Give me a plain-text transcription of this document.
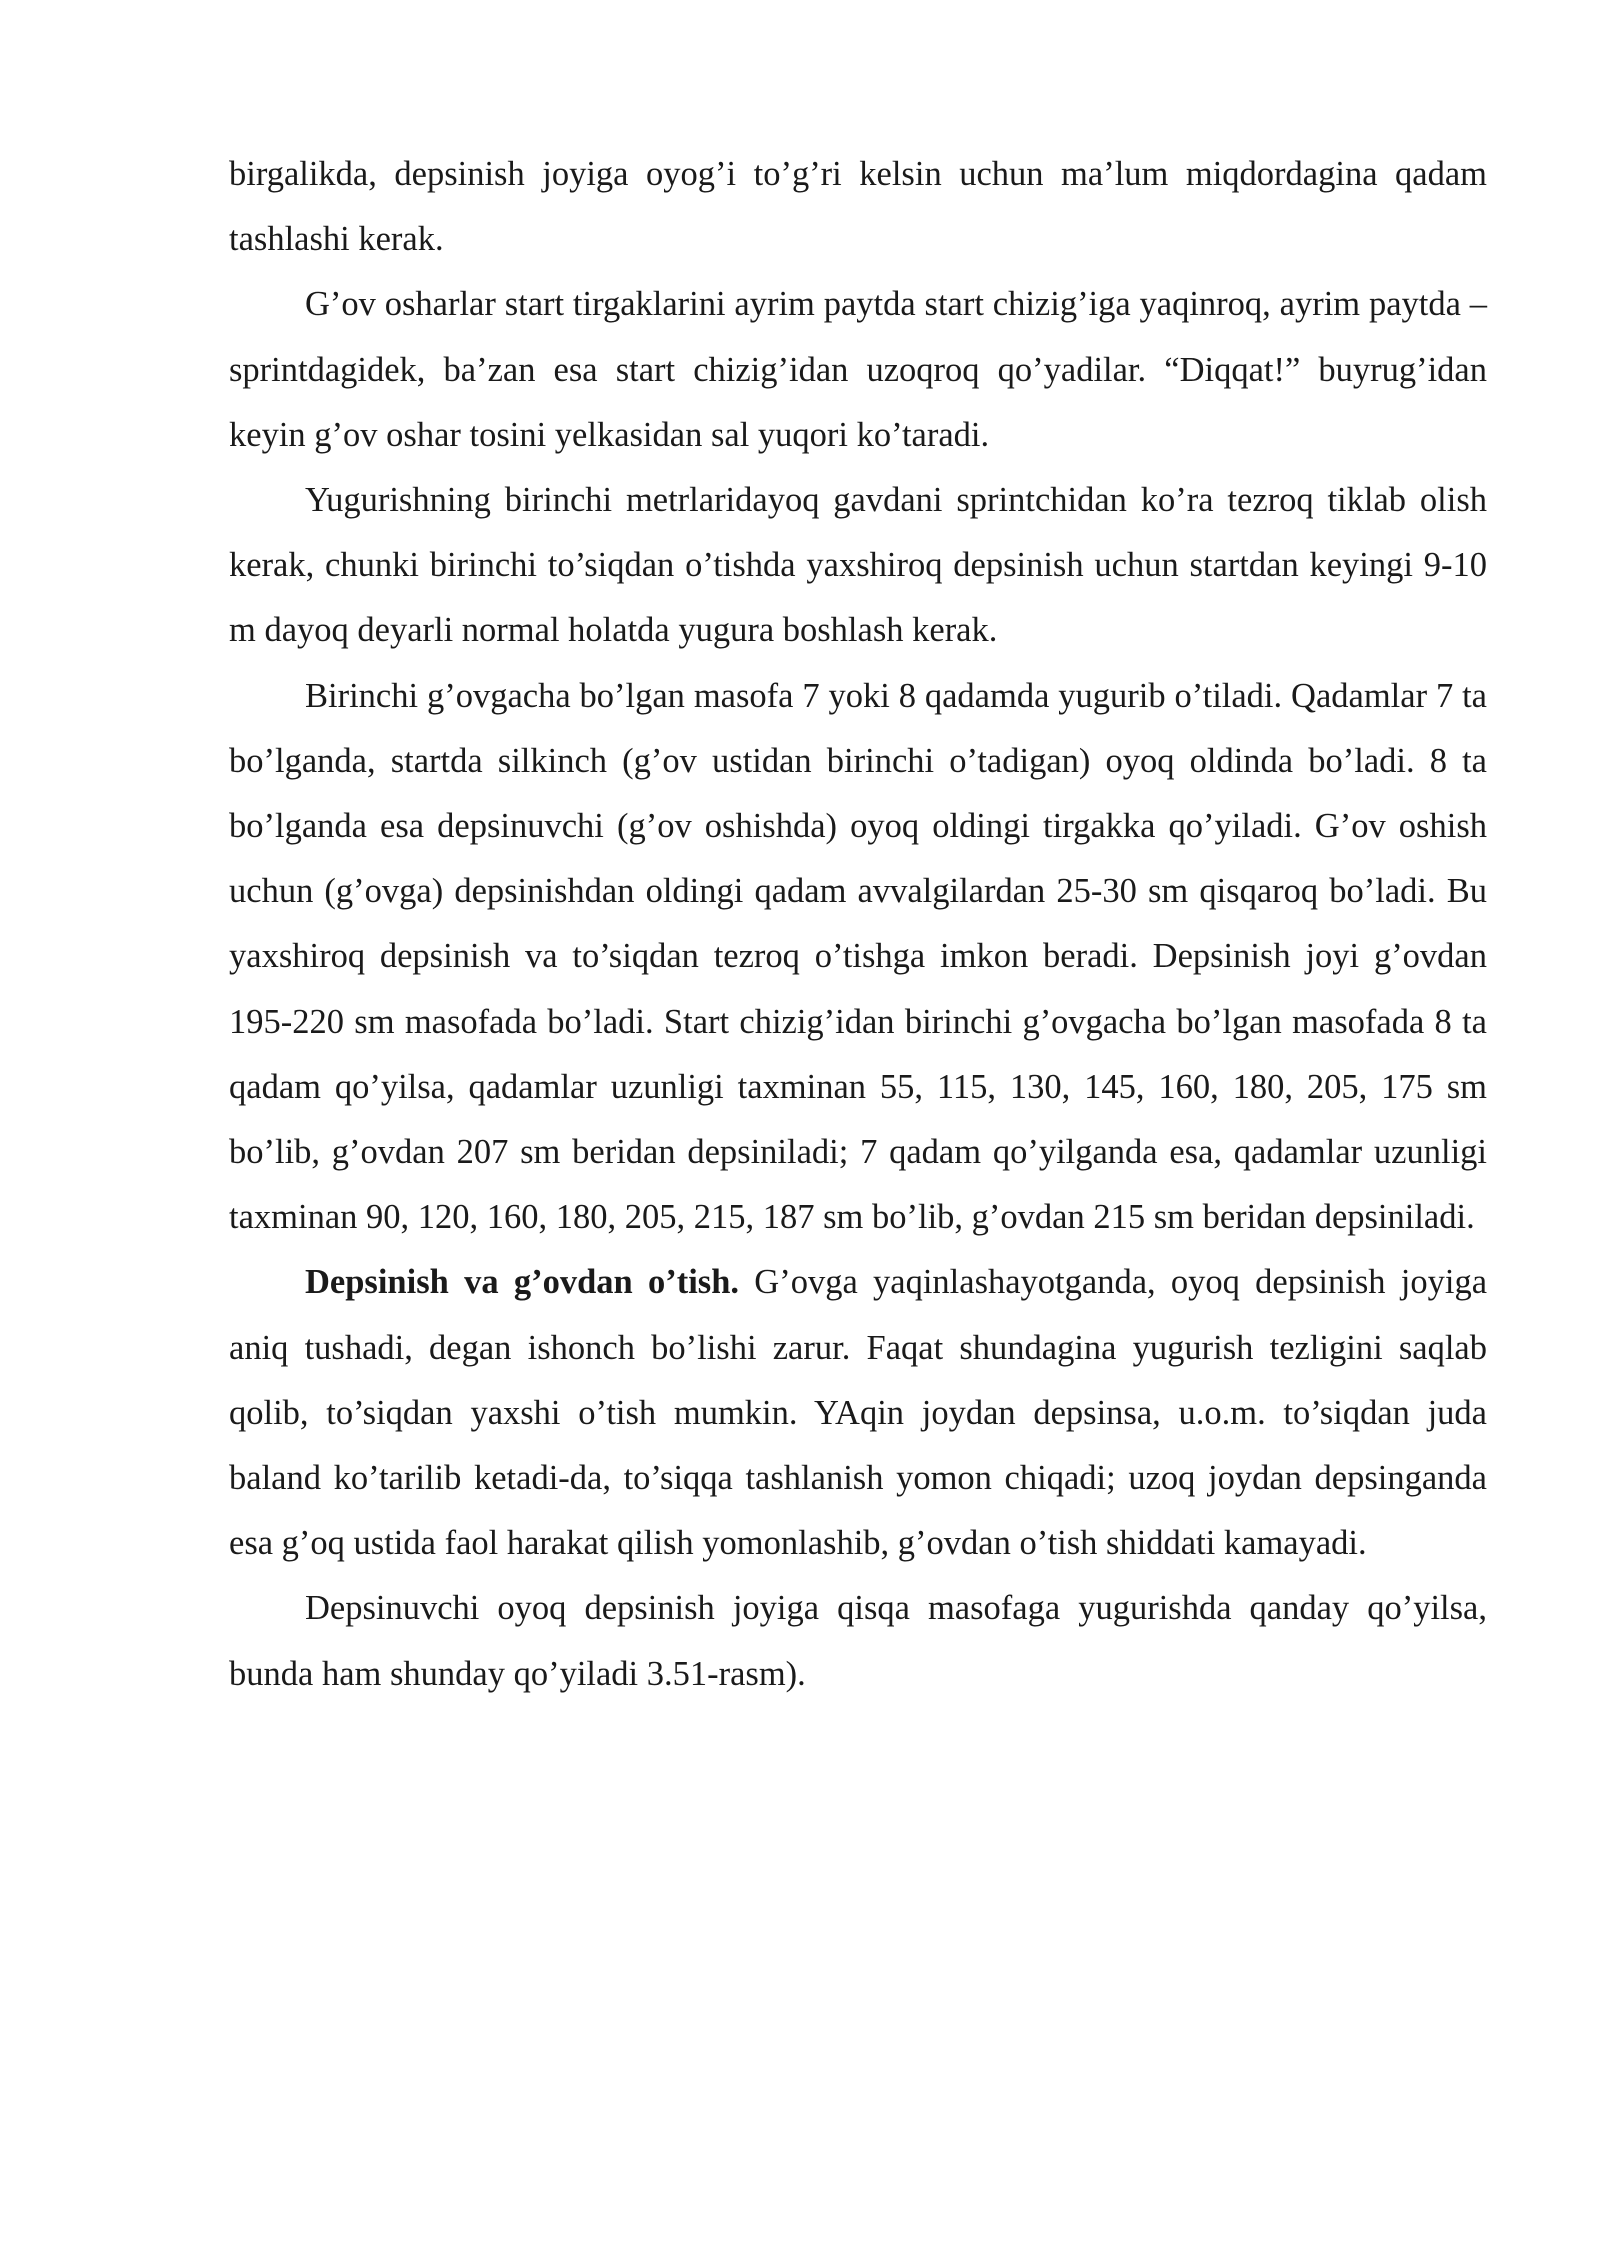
birgalikda, depsinish joyiga oyog’i to’g’ri kelsin uchun ma’lum miqdordagina qadam tashlashi kerak.

G’ov osharlar start tirgaklarini ayrim paytda start chizig’iga yaqinroq, ayrim paytda – sprintdagidek, ba’zan esa start chizig’idan uzoqroq qo’yadilar. “Diqqat!” buyrug’idan keyin g’ov oshar tosini yelkasidan sal yuqori ko’taradi.

Yugurishning birinchi metrlaridayoq gavdani sprintchidan ko’ra tezroq tiklab olish kerak, chunki birinchi to’siqdan o’tishda yaxshiroq depsinish uchun startdan keyingi 9-10 m dayoq deyarli normal holatda yugura boshlash kerak.

Birinchi g’ovgacha bo’lgan masofa 7 yoki 8 qadamda yugurib o’tiladi. Qadamlar 7 ta bo’lganda, startda silkinch (g’ov ustidan birinchi o’tadigan) oyoq oldinda bo’ladi. 8 ta bo’lganda esa depsinuvchi (g’ov oshishda) oyoq oldingi tirgakka qo’yiladi. G’ov oshish uchun (g’ovga) depsinishdan oldingi qadam avvalgilardan 25-30 sm qisqaroq bo’ladi. Bu yaxshiroq depsinish va to’siqdan tezroq o’tishga imkon beradi. Depsinish joyi g’ovdan 195-220 sm masofada bo’ladi. Start chizig’idan birinchi g’ovgacha bo’lgan masofada 8 ta qadam qo’yilsa, qadamlar uzunligi taxminan 55, 115, 130, 145, 160, 180, 205, 175 sm bo’lib, g’ovdan 207 sm beridan depsiniladi; 7 qadam qo’yilganda esa, qadamlar uzunligi taxminan 90, 120, 160, 180, 205, 215, 187 sm bo’lib, g’ovdan 215 sm beridan depsiniladi.

Depsinish va g’ovdan o’tish. G’ovga yaqinlashayotganda, oyoq depsinish joyiga aniq tushadi, degan ishonch bo’lishi zarur. Faqat shundagina yugurish tezligini saqlab qolib, to’siqdan yaxshi o’tish mumkin. YAqin joydan depsinsa, u.o.m. to’siqdan juda baland ko’tarilib ketadi-da, to’siqqa tashlanish yomon chiqadi; uzoq joydan depsinganda esa g’oq ustida faol harakat qilish yomonlashib, g’ovdan o’tish shiddati kamayadi.

Depsinuvchi oyoq depsinish joyiga qisqa masofaga yugurishda qanday qo’yilsa, bunda ham shunday qo’yiladi 3.51-rasm).
